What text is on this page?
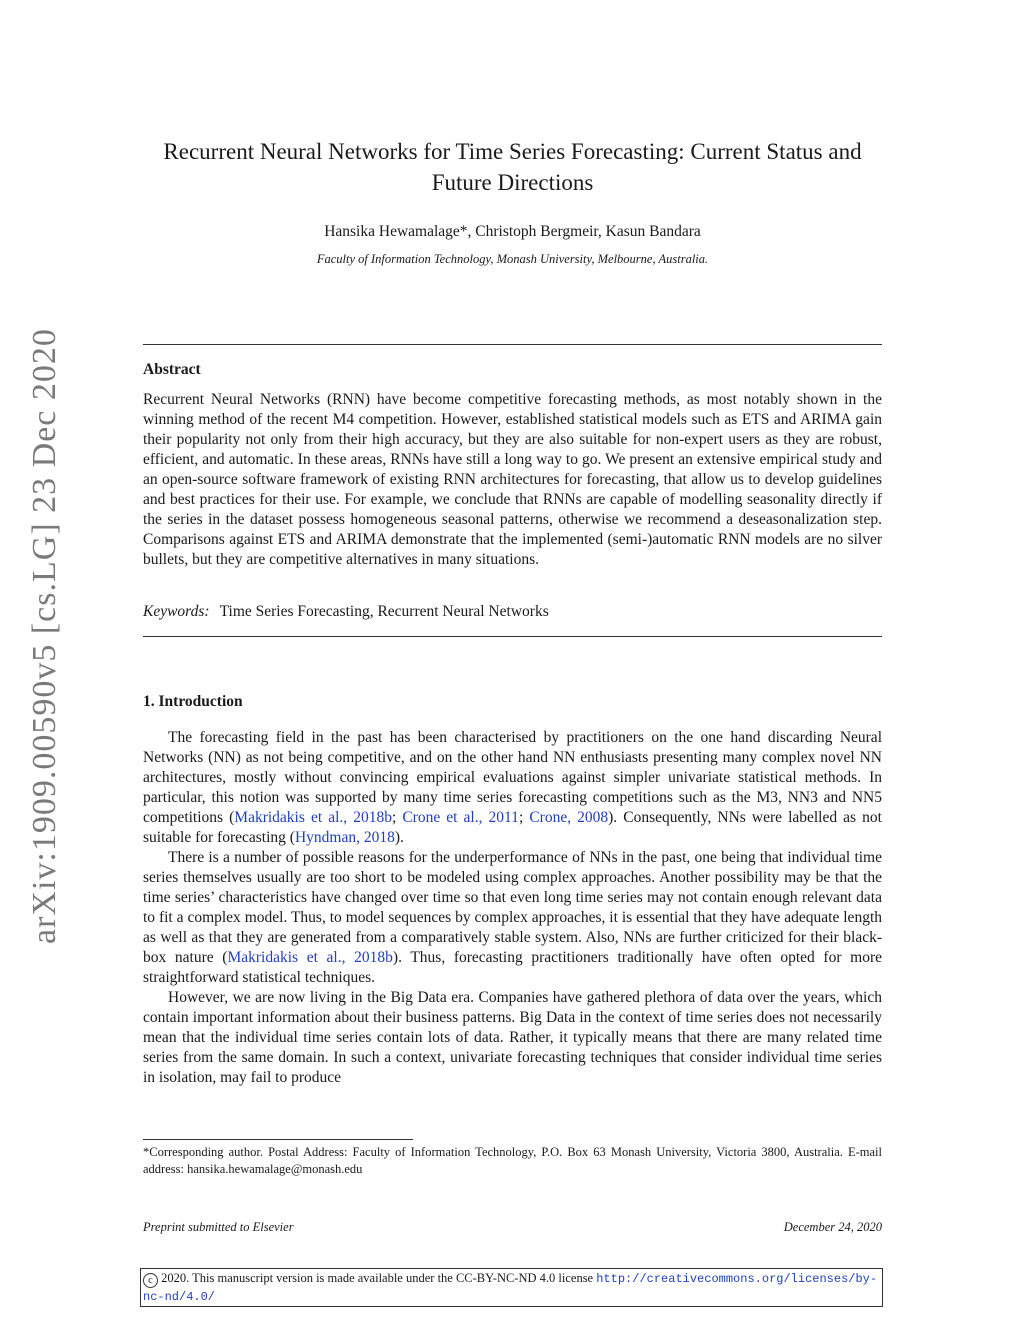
arXiv:1909.00590v5 [cs.LG] 23 Dec 2020
Recurrent Neural Networks for Time Series Forecasting: Current Status and Future Directions
Hansika Hewamalage*, Christoph Bergmeir, Kasun Bandara
Faculty of Information Technology, Monash University, Melbourne, Australia.
Abstract
Recurrent Neural Networks (RNN) have become competitive forecasting methods, as most notably shown in the winning method of the recent M4 competition. However, established statistical models such as ETS and ARIMA gain their popularity not only from their high accuracy, but they are also suitable for non-expert users as they are robust, efficient, and automatic. In these areas, RNNs have still a long way to go. We present an extensive empirical study and an open-source software framework of existing RNN architectures for forecasting, that allow us to develop guidelines and best practices for their use. For example, we conclude that RNNs are capable of modelling seasonality directly if the series in the dataset possess homogeneous seasonal patterns, otherwise we recommend a deseasonalization step. Comparisons against ETS and ARIMA demonstrate that the implemented (semi-)automatic RNN models are no silver bullets, but they are competitive alternatives in many situations.
Keywords: Time Series Forecasting, Recurrent Neural Networks
1. Introduction

The forecasting field in the past has been characterised by practitioners on the one hand discarding Neural Networks (NN) as not being competitive, and on the other hand NN enthusiasts presenting many complex novel NN architectures, mostly without convincing empirical evaluations against simpler univariate statistical methods. In particular, this notion was supported by many time series forecasting competitions such as the M3, NN3 and NN5 competitions (Makridakis et al., 2018b; Crone et al., 2011; Crone, 2008). Consequently, NNs were labelled as not suitable for forecasting (Hyndman, 2018).

There is a number of possible reasons for the underperformance of NNs in the past, one being that individual time series themselves usually are too short to be modeled using complex approaches. Another possibility may be that the time series’ characteristics have changed over time so that even long time series may not contain enough relevant data to fit a complex model. Thus, to model sequences by complex approaches, it is essential that they have adequate length as well as that they are generated from a comparatively stable system. Also, NNs are further criticized for their black-box nature (Makridakis et al., 2018b). Thus, forecasting practitioners traditionally have often opted for more straightforward statistical techniques.

However, we are now living in the Big Data era. Companies have gathered plethora of data over the years, which contain important information about their business patterns. Big Data in the context of time series does not necessarily mean that the individual time series contain lots of data. Rather, it typically means that there are many related time series from the same domain. In such a context, univariate forecasting techniques that consider individual time series in isolation, may fail to produce

*Corresponding author. Postal Address: Faculty of Information Technology, P.O. Box 63 Monash University, Victoria 3800, Australia. E-mail address: hansika.hewamalage@monash.edu
Preprint submitted to Elsevier	December 24, 2020
c 2020. This manuscript version is made available under the CC-BY-NC-ND 4.0 license http://creativecommons.org/licenses/by-nc-nd/4.0/
